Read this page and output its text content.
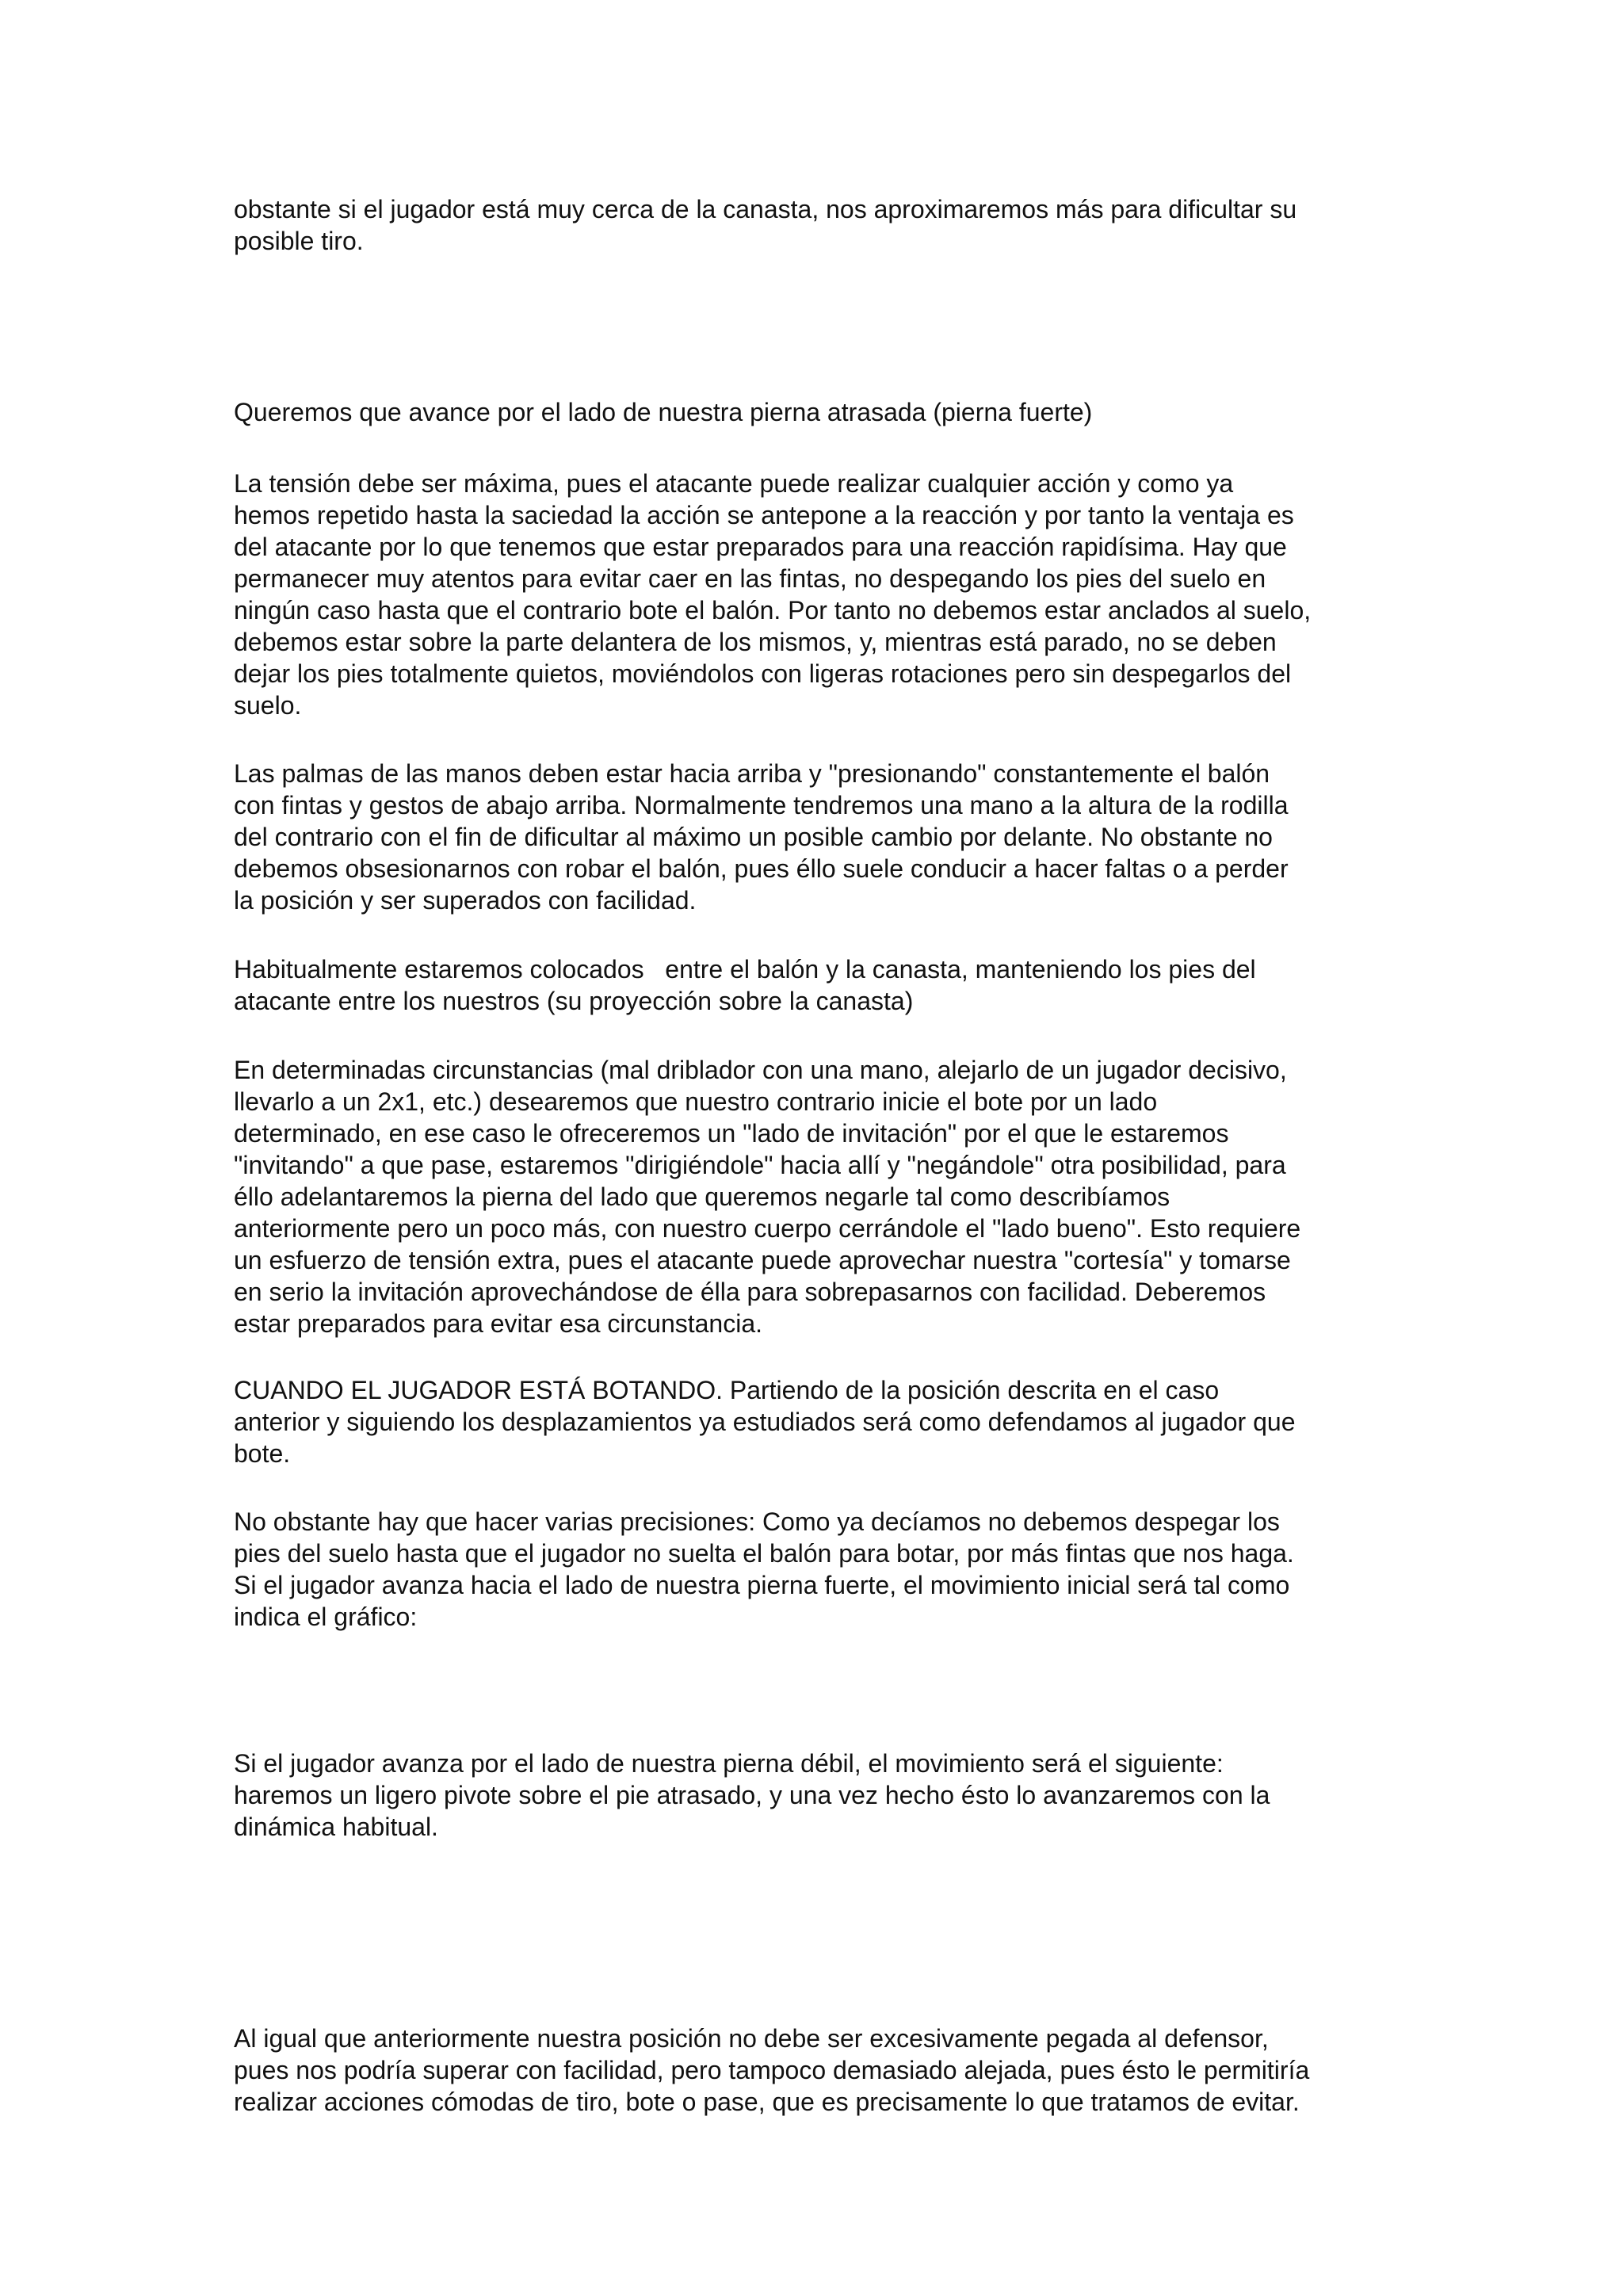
obstante si el jugador está muy cerca de la canasta, nos aproximaremos más para dificultar su
posible tiro.
Queremos que avance por el lado de nuestra pierna atrasada (pierna fuerte)
La tensión debe ser máxima, pues el atacante puede realizar cualquier acción y como ya
hemos repetido hasta la saciedad la acción se antepone a la reacción y por tanto la ventaja es
del atacante por lo que tenemos que estar preparados para una reacción rapidísima. Hay que
permanecer muy atentos para evitar caer en las fintas, no despegando los pies del suelo en
ningún caso hasta que el contrario bote el balón. Por tanto no debemos estar anclados al suelo,
debemos estar sobre la parte delantera de los mismos, y, mientras está parado, no se deben
dejar los pies totalmente quietos, moviéndolos con ligeras rotaciones pero sin despegarlos del
suelo.
Las palmas de las manos deben estar hacia arriba y "presionando" constantemente el balón
con fintas y gestos de abajo arriba. Normalmente tendremos una mano a la altura de la rodilla
del contrario con el fin de dificultar al máximo un posible cambio por delante. No obstante no
debemos obsesionarnos con robar el balón, pues éllo suele conducir a hacer faltas o a perder
la posición y ser superados con facilidad.
Habitualmente estaremos colocados   entre el balón y la canasta, manteniendo los pies del
atacante entre los nuestros (su proyección sobre la canasta)
En determinadas circunstancias (mal driblador con una mano, alejarlo de un jugador decisivo,
llevarlo a un 2x1, etc.) desearemos que nuestro contrario inicie el bote por un lado
determinado, en ese caso le ofreceremos un "lado de invitación" por el que le estaremos
"invitando" a que pase, estaremos "dirigiéndole" hacia allí y "negándole" otra posibilidad, para
éllo adelantaremos la pierna del lado que queremos negarle tal como describíamos
anteriormente pero un poco más, con nuestro cuerpo cerrándole el "lado bueno". Esto requiere
un esfuerzo de tensión extra, pues el atacante puede aprovechar nuestra "cortesía" y tomarse
en serio la invitación aprovechándose de élla para sobrepasarnos con facilidad. Deberemos
estar preparados para evitar esa circunstancia.
CUANDO EL JUGADOR ESTÁ BOTANDO. Partiendo de la posición descrita en el caso
anterior y siguiendo los desplazamientos ya estudiados será como defendamos al jugador que
bote.
No obstante hay que hacer varias precisiones: Como ya decíamos no debemos despegar los
pies del suelo hasta que el jugador no suelta el balón para botar, por más fintas que nos haga.
Si el jugador avanza hacia el lado de nuestra pierna fuerte, el movimiento inicial será tal como
indica el gráfico:
Si el jugador avanza por el lado de nuestra pierna débil, el movimiento será el siguiente:
haremos un ligero pivote sobre el pie atrasado, y una vez hecho ésto lo avanzaremos con la
dinámica habitual.
Al igual que anteriormente nuestra posición no debe ser excesivamente pegada al defensor,
pues nos podría superar con facilidad, pero tampoco demasiado alejada, pues ésto le permitiría
realizar acciones cómodas de tiro, bote o pase, que es precisamente lo que tratamos de evitar.
